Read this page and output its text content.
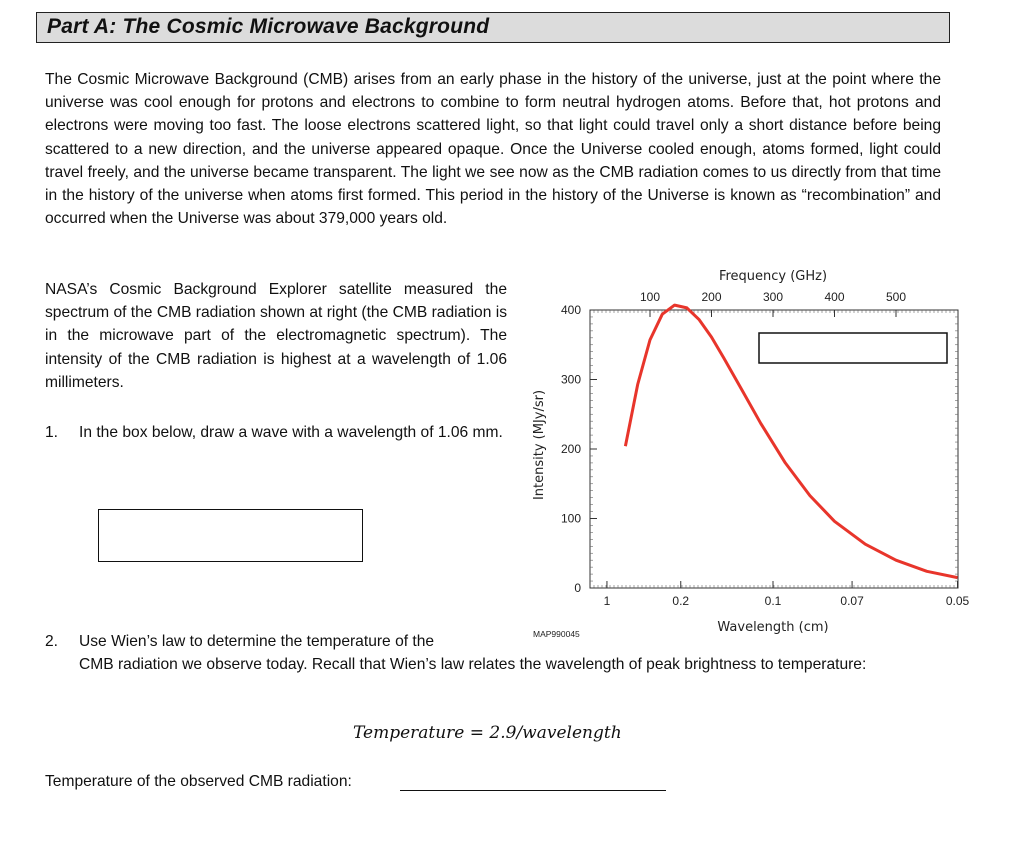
Part A: The Cosmic Microwave Background
The Cosmic Microwave Background (CMB) arises from an early phase in the history of the universe, just at the point where the universe was cool enough for protons and electrons to combine to form neutral hydrogen atoms. Before that, hot protons and electrons were moving too fast. The loose electrons scattered light, so that light could travel only a short distance before being scattered to a new direction, and the universe appeared opaque. Once the Universe cooled enough, atoms formed, light could travel freely, and the universe became transparent. The light we see now as the CMB radiation comes to us directly from that time in the history of the universe when atoms first formed. This period in the history of the Universe is known as “recombination” and occurred when the Universe was about 379,000 years old.
NASA’s Cosmic Background Explorer satellite measured the spectrum of the CMB radiation shown at right (the CMB radiation is in the microwave part of the electromagnetic spectrum). The intensity of the CMB radiation is highest at a wavelength of 1.06 millimeters.
1. In the box below, draw a wave with a wavelength of 1.06 mm.
0
100
200
300
400
100	200	300	400	500
1	0.2	0.1	0.07	0.05
Frequency (GHz)
Wavelength (cm)
Intensity (MJy/sr)
MAP990045
2. Use Wien’s law to determine the temperature of the
CMB radiation we observe today. Recall that Wien’s law relates the wavelength of peak brightness to temperature:
Temperature = 2.9/wavelength
Temperature of the observed CMB radiation:
